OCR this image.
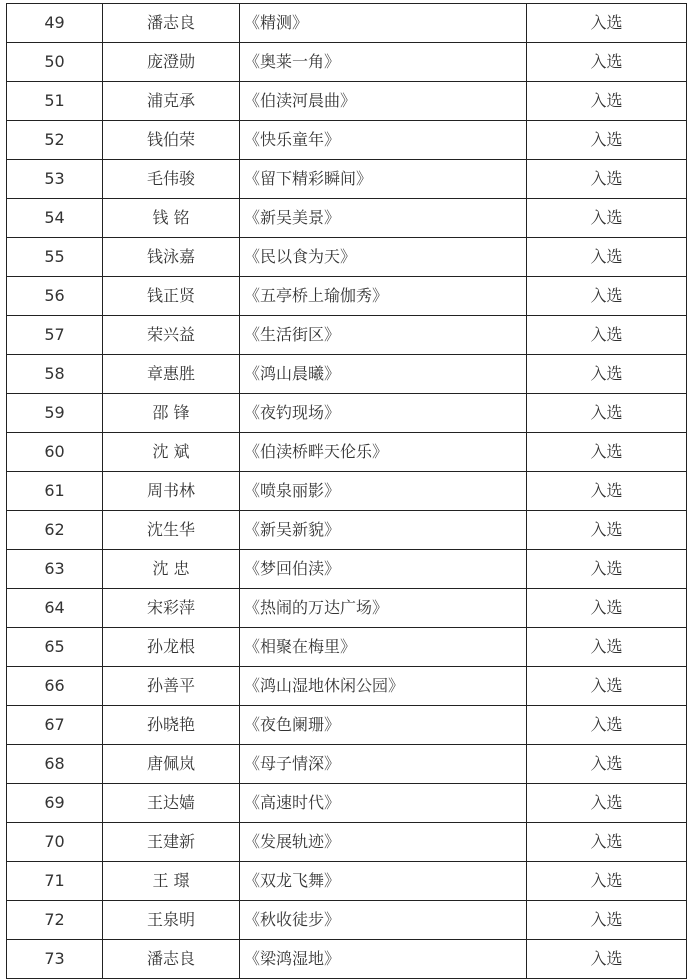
49	潘志良	《精测》	入选
50	庞澄勋	《奥莱一角》	入选
51	浦克承	《伯渎河晨曲》	入选
52	钱伯荣	《快乐童年》	入选
53	毛伟骏	《留下精彩瞬间》	入选
54	钱 铭	《新吴美景》	入选
55	钱泳嘉	《民以食为天》	入选
56	钱正贤	《五亭桥上瑜伽秀》	入选
57	荣兴益	《生活街区》	入选
58	章惠胜	《鸿山晨曦》	入选
59	邵 锋	《夜钓现场》	入选
60	沈 斌	《伯渎桥畔天伦乐》	入选
61	周书林	《喷泉丽影》	入选
62	沈生华	《新吴新貌》	入选
63	沈 忠	《梦回伯渎》	入选
64	宋彩萍	《热闹的万达广场》	入选
65	孙龙根	《相聚在梅里》	入选
66	孙善平	《鸿山湿地休闲公园》	入选
67	孙晓艳	《夜色阑珊》	入选
68	唐佩岚	《母子情深》	入选
69	王达嫱	《高速时代》	入选
70	王建新	《发展轨迹》	入选
71	王 璟	《双龙飞舞》	入选
72	王泉明	《秋收徒步》	入选
73	潘志良	《梁鸿湿地》	入选
